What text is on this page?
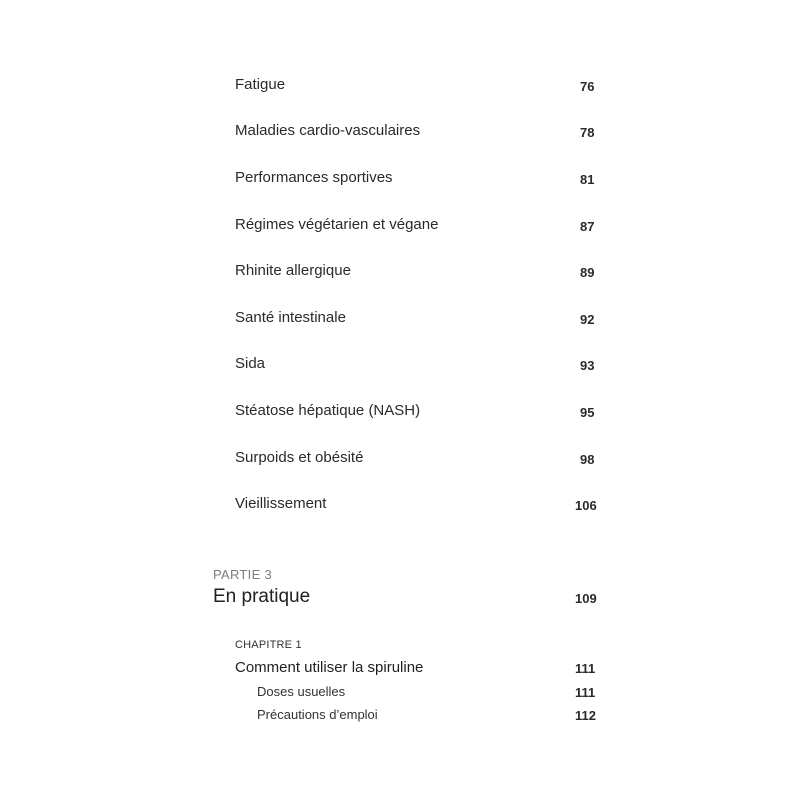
Fatigue	76
Maladies cardio-vasculaires	78
Performances sportives	81
Régimes végétarien et végane	87
Rhinite allergique	89
Santé intestinale	92
Sida	93
Stéatose hépatique (NASH)	95
Surpoids et obésité	98
Vieillissement	106
PARTIE 3
En pratique	109
CHAPITRE 1
Comment utiliser la spiruline	111
Doses usuelles	111
Précautions d’emploi	112
